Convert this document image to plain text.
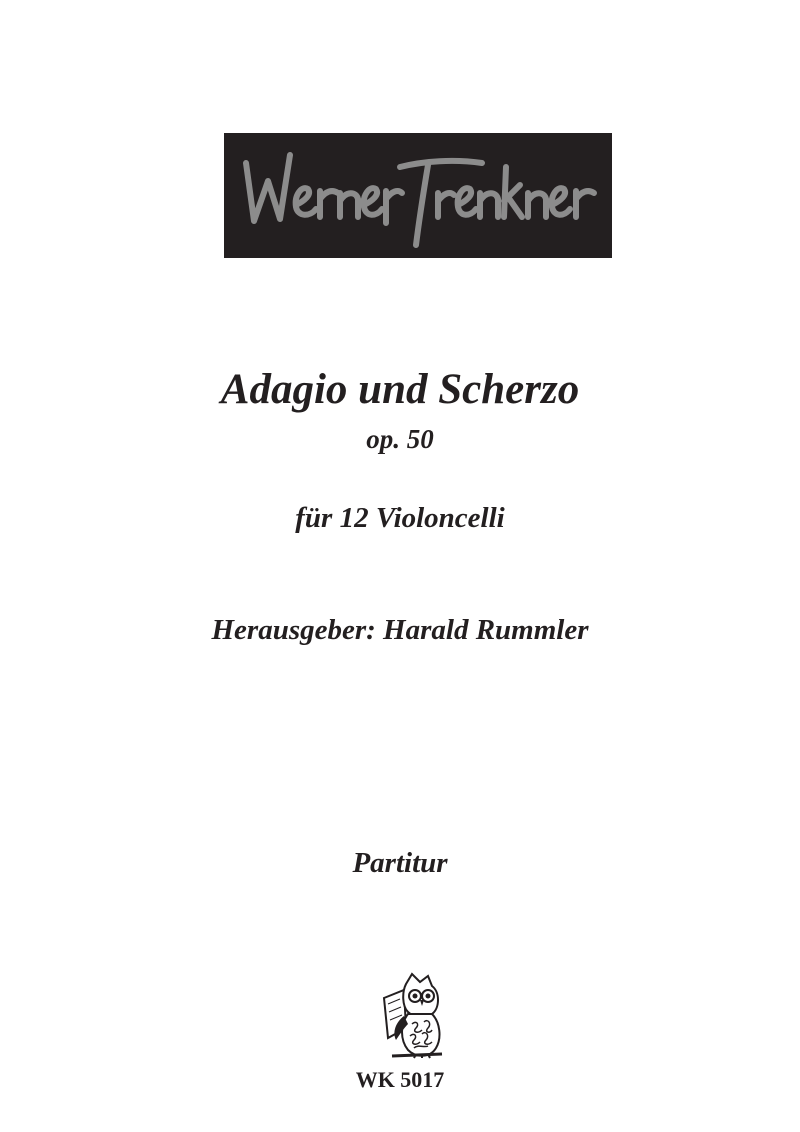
Adagio und Scherzo

op. 50

für 12 Violoncelli

Herausgeber: Harald Rummler

Partitur

WK 5017
